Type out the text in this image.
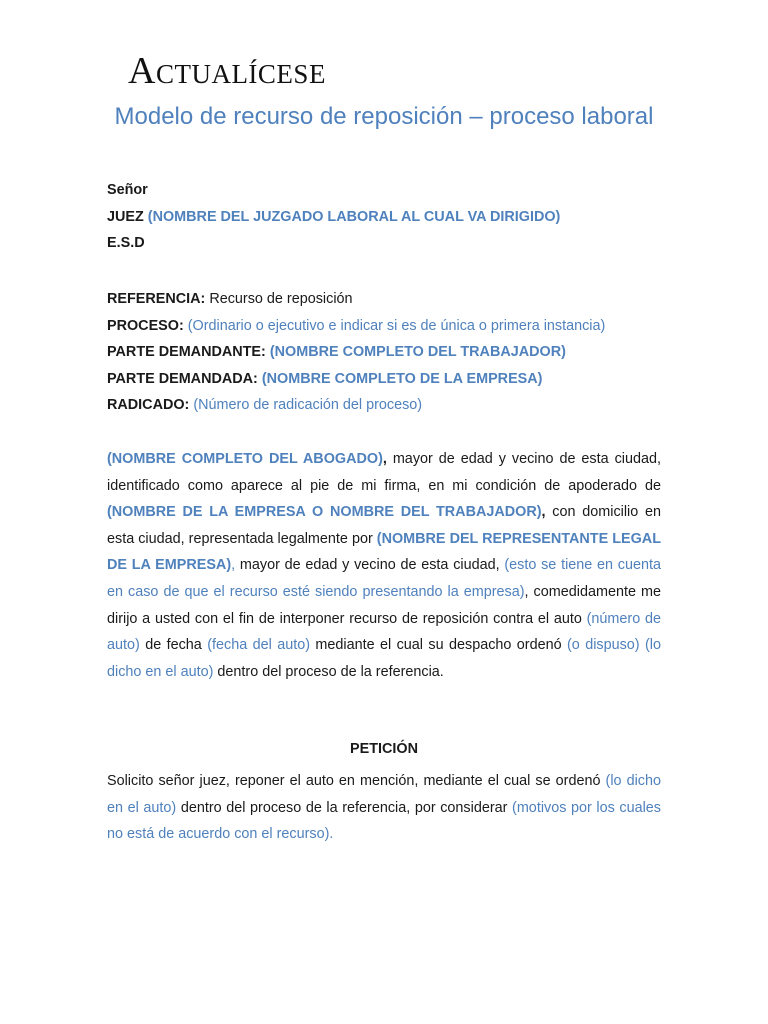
Actualícese
Modelo de recurso de reposición – proceso laboral

Señor

JUEZ (NOMBRE DEL JUZGADO LABORAL AL CUAL VA DIRIGIDO)

E.S.D

REFERENCIA: Recurso de reposición

PROCESO: (Ordinario o ejecutivo e indicar si es de única o primera instancia)

PARTE DEMANDANTE: (NOMBRE COMPLETO DEL TRABAJADOR)

PARTE DEMANDADA: (NOMBRE COMPLETO DE LA EMPRESA)

RADICADO: (Número de radicación del proceso)

(NOMBRE COMPLETO DEL ABOGADO), mayor de edad y vecino de esta ciudad, identificado como aparece al pie de mi firma, en mi condición de apoderado de (NOMBRE DE LA EMPRESA O NOMBRE DEL TRABAJADOR), con domicilio en esta ciudad, representada legalmente por (NOMBRE DEL REPRESENTANTE LEGAL DE LA EMPRESA), mayor de edad y vecino de esta ciudad, (esto se tiene en cuenta en caso de que el recurso esté siendo presentando la empresa), comedidamente me dirijo a usted con el fin de interponer recurso de reposición contra el auto (número de auto) de fecha (fecha del auto) mediante el cual su despacho ordenó (o dispuso) (lo dicho en el auto) dentro del proceso de la referencia.

PETICIÓN

Solicito señor juez, reponer el auto en mención, mediante el cual se ordenó (lo dicho en el auto) dentro del proceso de la referencia, por considerar (motivos por los cuales no está de acuerdo con el recurso).
